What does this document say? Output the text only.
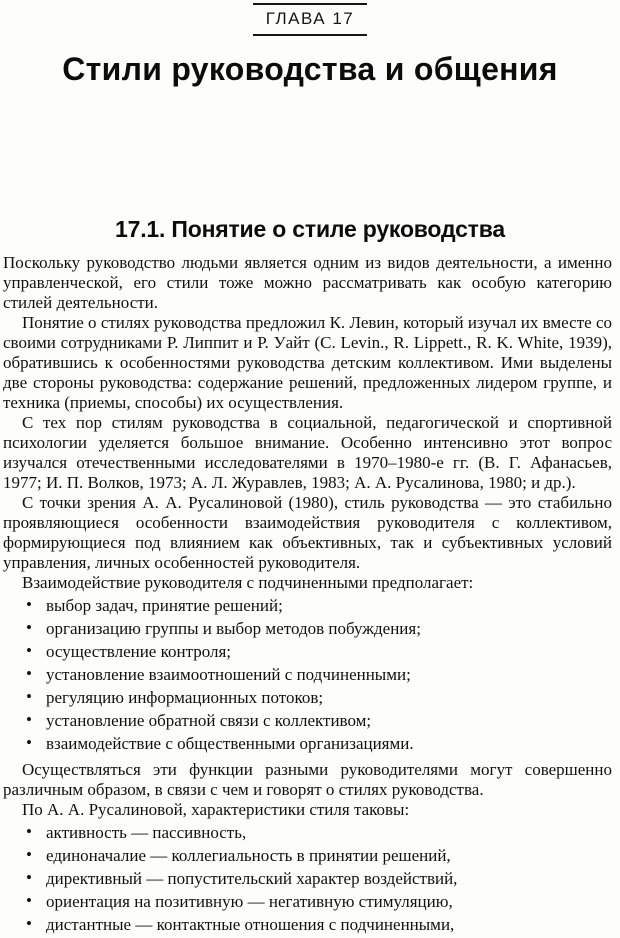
ГЛАВА 17
Стили руководства и общения
17.1. Понятие о стиле руководства

Поскольку руководство людьми является одним из видов деятельности, а именно управленческой, его стили тоже можно рассматривать как особую категорию стилей деятельности.

Понятие о стилях руководства предложил К. Левин, который изучал их вместе со своими сотрудниками Р. Липпит и Р. Уайт (C. Levin., R. Lippett., R. K. White, 1939), обратившись к особенностями руководства детским коллективом. Ими выделены две стороны руководства: содержание решений, предложенных лидером группе, и техника (приемы, способы) их осуществления.

С тех пор стилям руководства в социальной, педагогической и спортивной психологии уделяется большое внимание. Особенно интенсивно этот вопрос изучался отечественными исследователями в 1970–1980-е гг. (В. Г. Афанасьев, 1977; И. П. Волков, 1973; А. Л. Журавлев, 1983; А. А. Русалинова, 1980; и др.).

С точки зрения А. А. Русалиновой (1980), стиль руководства — это стабильно проявляющиеся особенности взаимодействия руководителя с коллективом, формирующиеся под влиянием как объективных, так и субъективных условий управления, личных особенностей руководителя.

Взаимодействие руководителя с подчиненными предполагает:

• выбор задач, принятие решений;
• организацию группы и выбор методов побуждения;
• осуществление контроля;
• установление взаимоотношений с подчиненными;
• регуляцию информационных потоков;
• установление обратной связи с коллективом;
• взаимодействие с общественными организациями.

Осуществляться эти функции разными руководителями могут совершенно различным образом, в связи с чем и говорят о стилях руководства.

По А. А. Русалиновой, характеристики стиля таковы:

• активность — пассивность,
• единоначалие — коллегиальность в принятии решений,
• директивный — попустительский характер воздействий,
• ориентация на позитивную — негативную стимуляцию,
• дистантные — контактные отношения с подчиненными,
